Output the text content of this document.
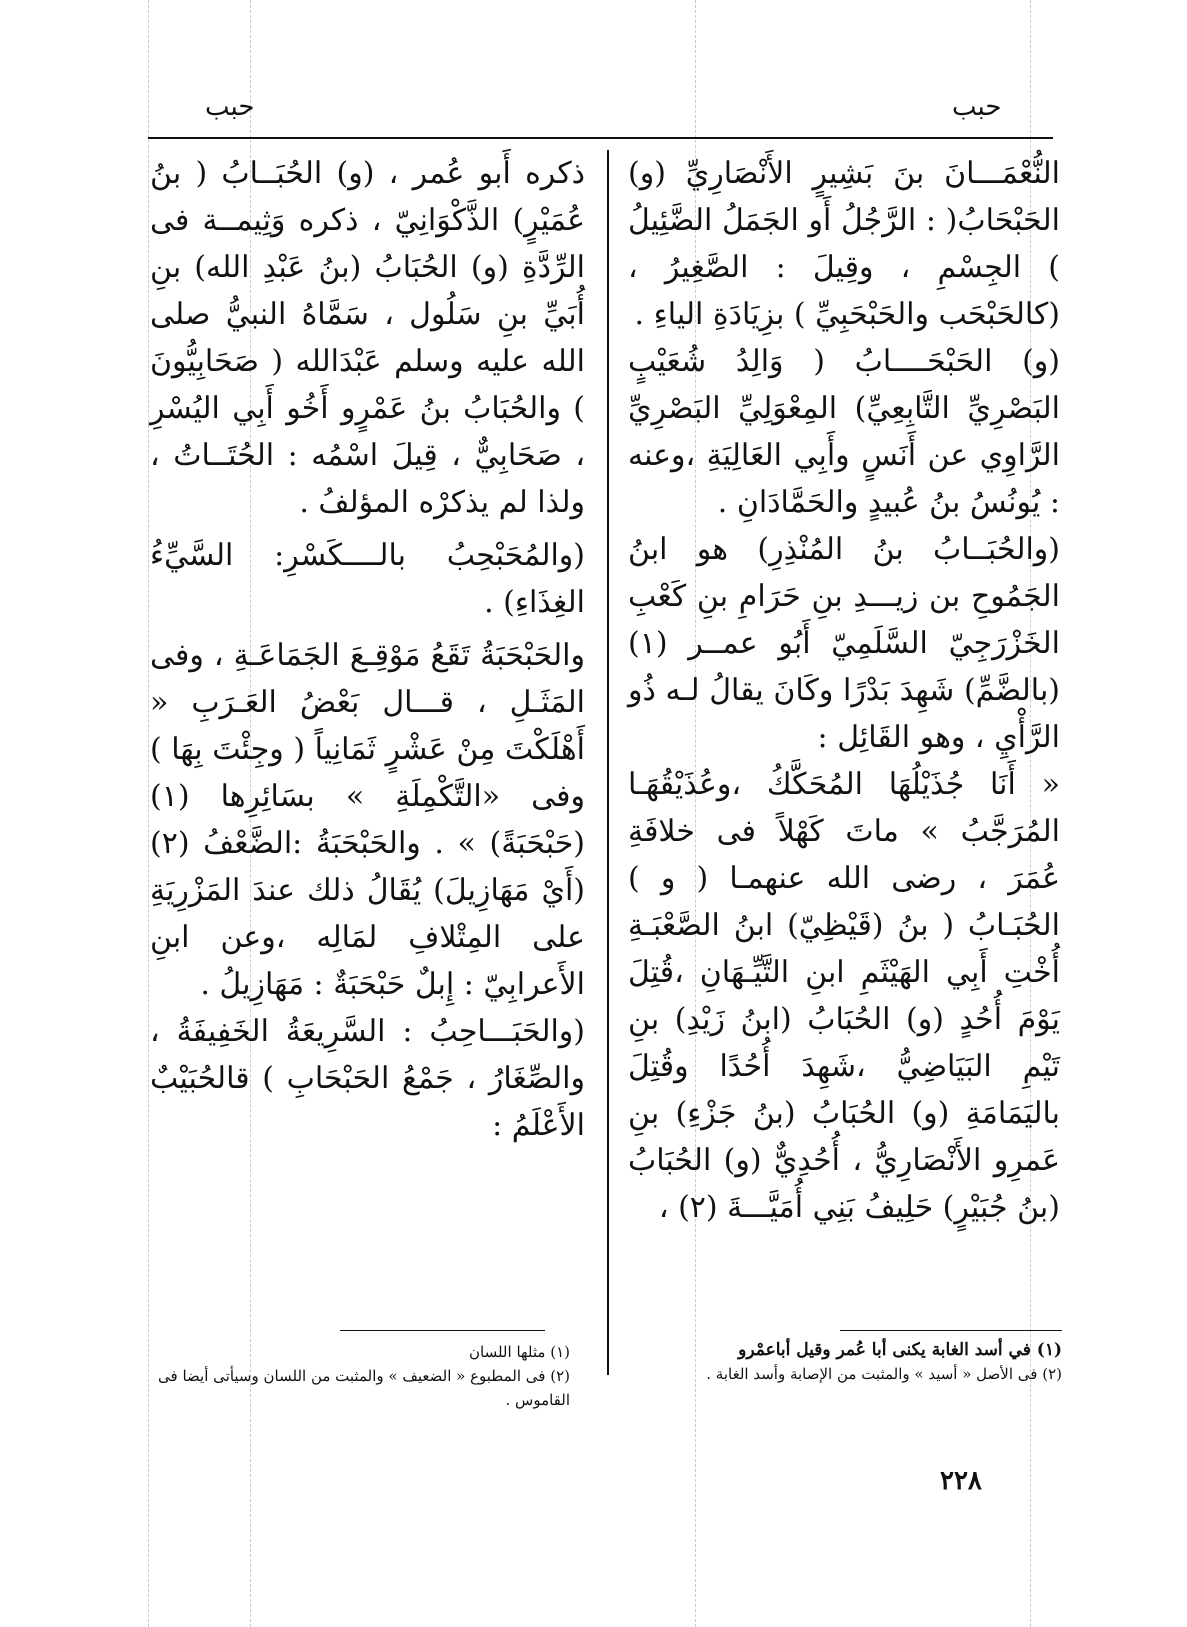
حبب	حبب

النُّعْمَـــانَ بنَ بَشِيرٍ الأَنْصَارِيِّ (و) الحَبْحَابُ( : الرَّجُلُ أَو الجَمَلُ الضَّئِيلُ ) الجِسْمِ ، وقِيلَ : الصَّغِيرُ ، (كالحَبْحَب والحَبْحَبِيِّ ) بزِيَادَةِ الياءِ .

(و) الحَبْحَــــابُ ( وَالِدُ شُعَيْبٍ البَصْرِيِّ التَّابِعِيِّ) المِعْوَلِيِّ البَصْرِيِّ الرَّاوِي عن أَنَسٍ وأَبِي العَالِيَةِ ،وعنه : يُونُسُ بنُ عُبيدٍ والحَمَّادَانِ .

(والحُبَــابُ بنُ المُنْذِرِ) هو ابنُ الجَمُوحِ بن زيـــدِ بنِ حَرَامِ بنِ كَعْبِ الخَزْرَجِيّ السَّلَمِيّ أَبُو عمــر (١) (بالضَّمِّ) شَهِدَ بَدْرًا وكَانَ يقالُ لـه ذُو الرَّأْيِ ، وهو القَائِل :

« أَنَا جُذَيْلُهَا المُحَكَّكُ ،وعُذَيْقُهَـا المُرَجَّبُ » ماتَ كَهْلاً فى خلافَةِ عُمَرَ ، رضى الله عنهمـا ( و ) الحُبَـابُ ( بنُ (قَيْظِيّ) ابنُ الصَّعْبَـةِ أُخْتِ أَبِي الهَيْثَمِ ابنِ التَّيِّـهَانِ ،قُتِلَ يَوْمَ أُحُدٍ (و) الحُبَابُ (ابنُ زَيْدِ) بنِ تَيْمِ البَيَاضِيُّ ،شَهِدَ أُحُدًا وقُتِلَ باليَمَامَةِ (و) الحُبَابُ (بنُ جَزْءِ) بنِ عَمرِو الأَنْصَارِيُّ ، أُحُدِيٌّ (و) الحُبَابُ (بنُ جُبَيْرٍ) حَلِيفُ بَنِي أُمَيَّـــةَ (٢) ،

ذكره أَبو عُمر ، (و) الحُبَــابُ ( بنُ عُمَيْرٍ) الذَّكْوَانِيّ ، ذكره وَثِيمــة فى الرِّدَّةِ (و) الحُبَابُ (بنُ عَبْدِ الله) بنِ أُبَيِّ بنِ سَلُول ، سَمَّاهُ النبيُّ صلى الله عليه وسلم عَبْدَالله ( صَحَابِيُّونَ ) والحُبَابُ بنُ عَمْرٍو أَخُو أَبِي اليُسْرِ ، صَحَابِيٌّ ، قِيلَ اسْمُه : الحُتَــاتُ ، ولذا لم يذكرْه المؤلفُ .

(والمُحَبْحِبُ بالــــكَسْرِ: السَّيِّءُ الغِذَاءِ) .

والحَبْحَبَةُ تَقَعُ مَوْقِـعَ الجَمَاعَـةِ ، وفى المَثَـلِ ، قـــال بَعْضُ العَـرَبِ « أَهْلَكْتَ مِنْ عَشْرٍ ثَمَانِياً ( وجِئْتَ بِهَا ) وفى «التَّكْمِلَةِ » بسَائِرِها (١) (حَبْحَبَةً) » . والحَبْحَبَةُ :الضَّعْفُ (٢) (أَيْ مَهَازِيلَ) يُقَالُ ذلك عندَ المَزْرِيَةِ على المِتْلافِ لمَالِه ،وعن ابنِ الأَعرابِيّ : إِبلٌ حَبْحَبَةٌ : مَهَازِيلُ .

(والحَبَـــاحِبُ : السَّرِيعَةُ الخَفِيفَةُ ، والصِّغَارُ ، جَمْعُ الحَبْحَابِ ) قالحُبَيْبٌ الأَعْلَمُ :

(١) في أسد الغابة يكنى أبا عُمر وقيل أباعمْرو

(٢) فى الأصل « أسيد » والمثبت من الإصابة وأسد الغابة .

(١) مثلها اللسان

(٢) فى المطبوع « الضعيف » والمثبت من اللسان وسيأتى أيضا فى القاموس .

٢٢٨
